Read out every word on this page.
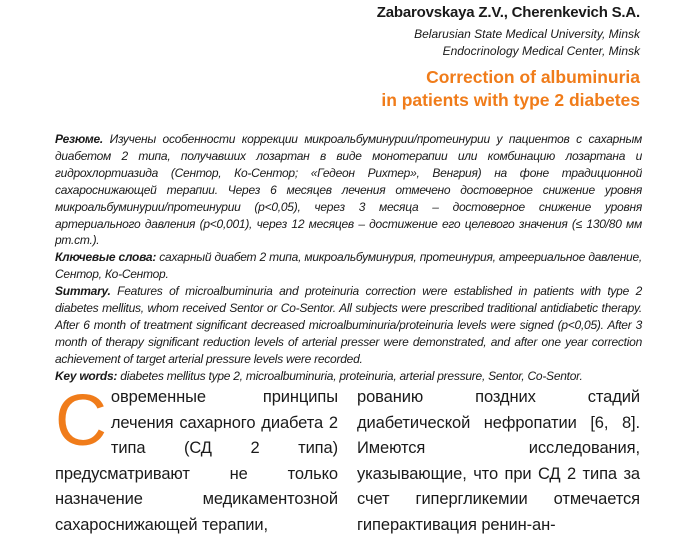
Zabarovskaya Z.V., Cherenkevich S.A.
Belarusian State Medical University, Minsk
Endocrinology Medical Center, Minsk
Correction of albuminuria
in patients with type 2 diabetes

Резюме. Изучены особенности коррекции микроальбуминурии/протеинурии у пациентов с сахарным диабетом 2 типа, получавших лозартан в виде монотерапии или комбинацию лозартана и гидрохлортиазида (Сентор, Ко-Сентор; «Гедеон Рихтер», Венгрия) на фоне традиционной сахароснижающей терапии. Через 6 месяцев лечения отмечено достоверное снижение уровня микроальбуминурии/протеинурии (р<0,05), через 3 месяца – достоверное снижение уровня артериального давления (р<0,001), через 12 месяцев – достижение его целевого значения (≤ 130/80 мм рт.ст.).

Ключевые слова: сахарный диабет 2 типа, микроальбуминурия, протеинурия, атреериальное давление, Сентор, Ко-Сентор.

Summary. Features of microalbuminuria and proteinuria correction were established in patients with type 2 diabetes mellitus, whom received Sentor or Co-Sentor. All subjects were prescribed traditional antidiabetic therapy. After 6 month of treatment significant decreased microalbuminuria/proteinuria levels were signed (p<0,05). After 3 month of therapy significant reduction levels of arterial presser were demonstrated, and after one year correction achievement of target arterial pressure levels were recorded.

Key words: diabetes mellitus type 2, microalbuminuria, proteinuria, arterial pressure, Sentor, Co-Sentor.

Современные принципы лечения сахарного диабета 2 типа (СД 2 типа) предусматривают не только назначение медикаментозной сахароснижающей терапии,

рованию поздних стадий диабетической нефропатии [6, 8]. Имеются исследования, указывающие, что при СД 2 типа за счет гипергликемии отмечается гиперактивация ренин-ан-
